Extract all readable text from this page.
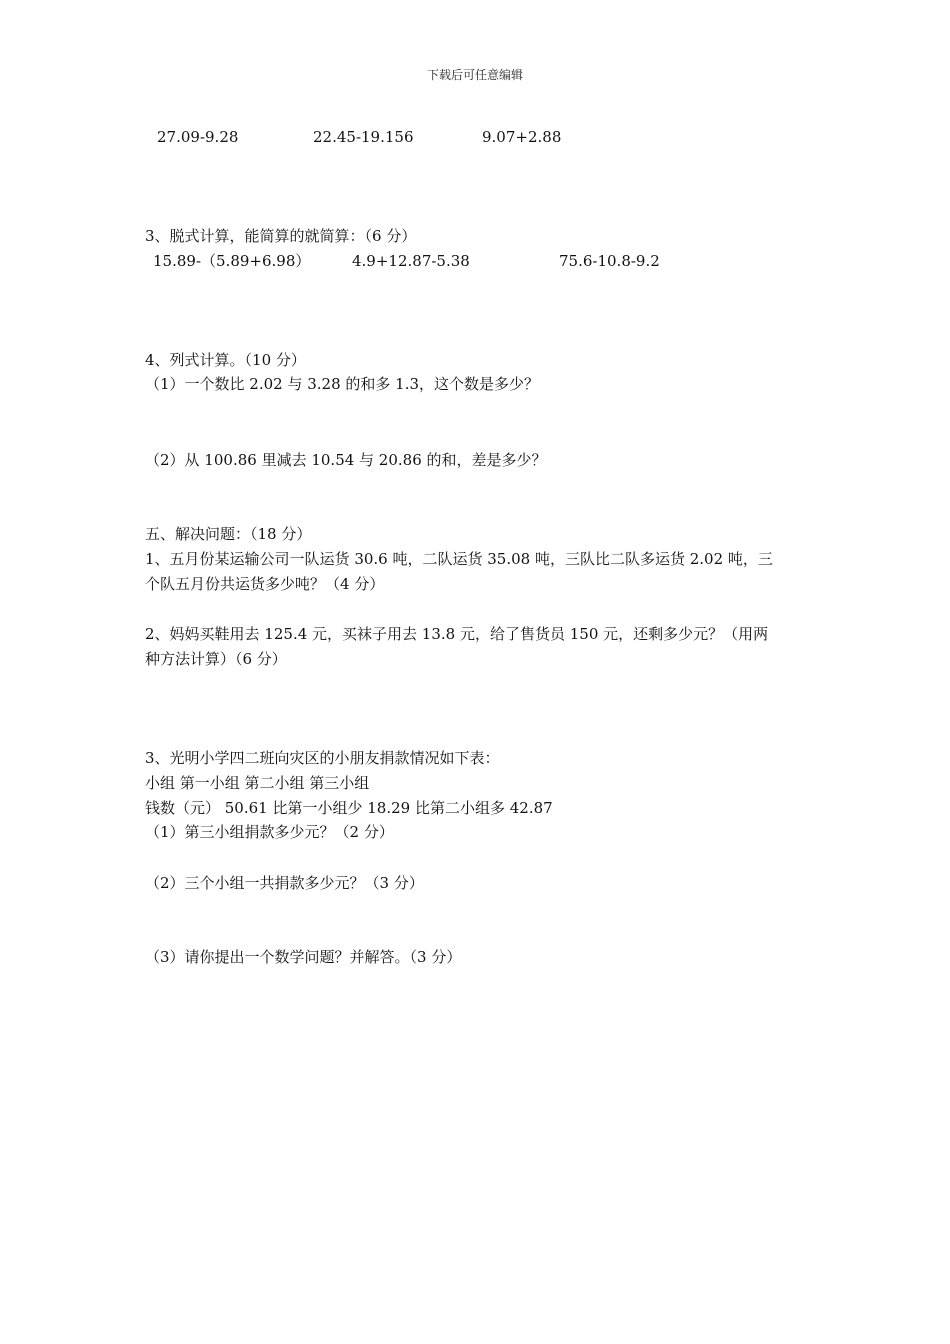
下载后可任意编辑
27.09-9.28	22.45-19.156	9.07+2.88
3、脱式计算，能简算的就简算：（6 分）
15.89-（5.89+6.98）	4.9+12.87-5.38	75.6-10.8-9.2
4、列式计算。（10 分）
（1）一个数比 2.02 与 3.28 的和多 1.3，这个数是多少？
（2）从 100.86 里减去 10.54 与 20.86 的和，差是多少？
五、解决问题：（18 分）
1、五月份某运输公司一队运货 30.6 吨，二队运货 35.08 吨，三队比二队多运货 2.02 吨，三
个队五月份共运货多少吨？（4 分）
2、妈妈买鞋用去 125.4 元，买袜子用去 13.8 元，给了售货员 150 元，还剩多少元？（用两
种方法计算）（6 分）
3、光明小学四二班向灾区的小朋友捐款情况如下表：
小组 第一小组 第二小组 第三小组
钱数（元） 50.61 比第一小组少 18.29 比第二小组多 42.87
（1）第三小组捐款多少元？（2 分）
（2）三个小组一共捐款多少元？（3 分）
（3）请你提出一个数学问题？并解答。（3 分）
